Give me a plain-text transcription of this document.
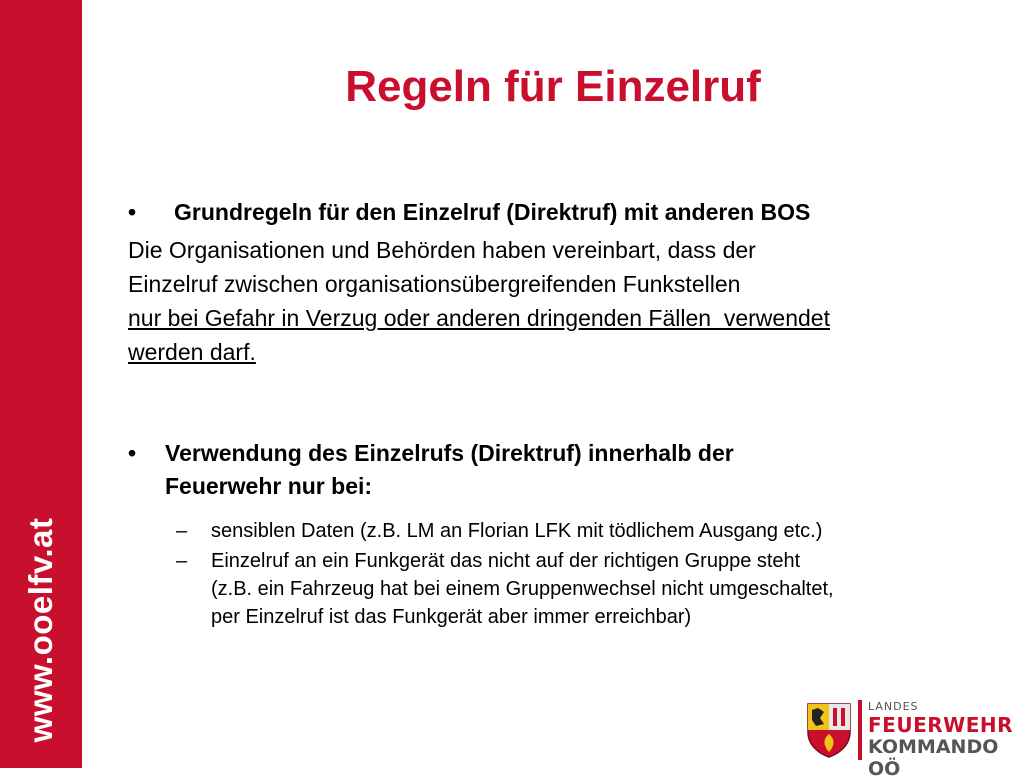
www.ooelfv.at
Regeln für Einzelruf
•	Grundregeln für den Einzelruf (Direktruf) mit anderen BOS
Die Organisationen und Behörden haben vereinbart, dass der
Einzelruf zwischen organisationsübergreifenden Funkstellen
nur bei Gefahr in Verzug oder anderen dringenden Fällen  verwendet
werden darf.
• Verwendung des Einzelrufs (Direktruf) innerhalb der
Feuerwehr nur bei:
– sensiblen Daten (z.B. LM an Florian LFK mit tödlichem Ausgang etc.)
– Einzelruf an ein Funkgerät das nicht auf der richtigen Gruppe steht
(z.B. ein Fahrzeug hat bei einem Gruppenwechsel nicht umgeschaltet,
per Einzelruf ist das Funkgerät aber immer erreichbar)
LANDES
FEUERWEHR
KOMMANDO OÖ
